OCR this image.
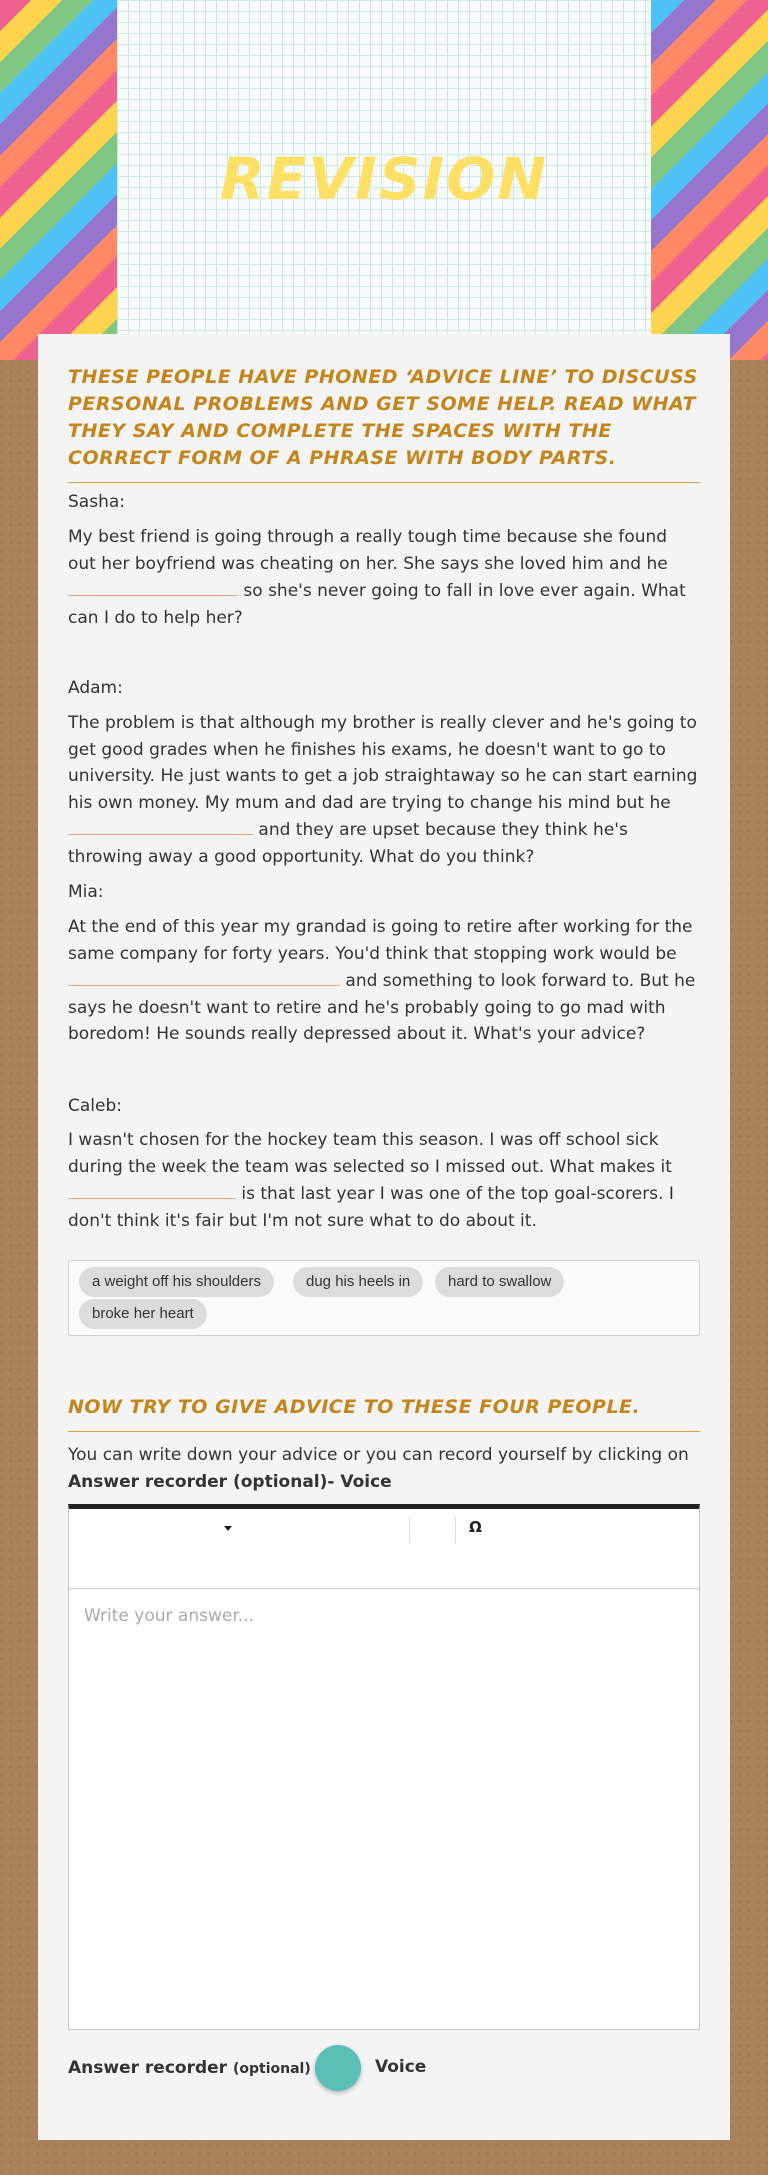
REVISION
THESE PEOPLE HAVE PHONED ‘ADVICE LINE’ TO DISCUSS PERSONAL PROBLEMS AND GET SOME HELP. READ WHAT THEY SAY AND COMPLETE THE SPACES WITH THE CORRECT FORM OF A PHRASE WITH BODY PARTS.
Sasha:

My best friend is going through a really tough time because she found out her boyfriend was cheating on her. She says she loved him and he  so she's never going to fall in love ever again. What can I do to help her?

Adam:

The problem is that although my brother is really clever and he's going to get good grades when he finishes his exams, he doesn't want to go to university. He just wants to get a job straightaway so he can start earning his own money. My mum and dad are trying to change his mind but he  and they are upset because they think he's throwing away a good opportunity. What do you think?

Mia:

At the end of this year my grandad is going to retire after working for the same company for forty years. You'd think that stopping work would be  and something to look forward to. But he says he doesn't want to retire and he's probably going to go mad with boredom! He sounds really depressed about it. What's your advice?

Caleb:

I wasn't chosen for the hockey team this season. I was off school sick during the week the team was selected so I missed out. What makes it  is that last year I was one of the top goal-scorers. I don't think it's fair but I'm not sure what to do about it.

a weight off his shoulders	dug his heels in	hard to swallow
broke her heart
NOW TRY TO GIVE ADVICE TO THESE FOUR PEOPLE.

You can write down your advice or you can record yourself by clicking on
Answer recorder (optional)- Voice

Ω
Write your answer...
Answer recorder (optional)	Voice
